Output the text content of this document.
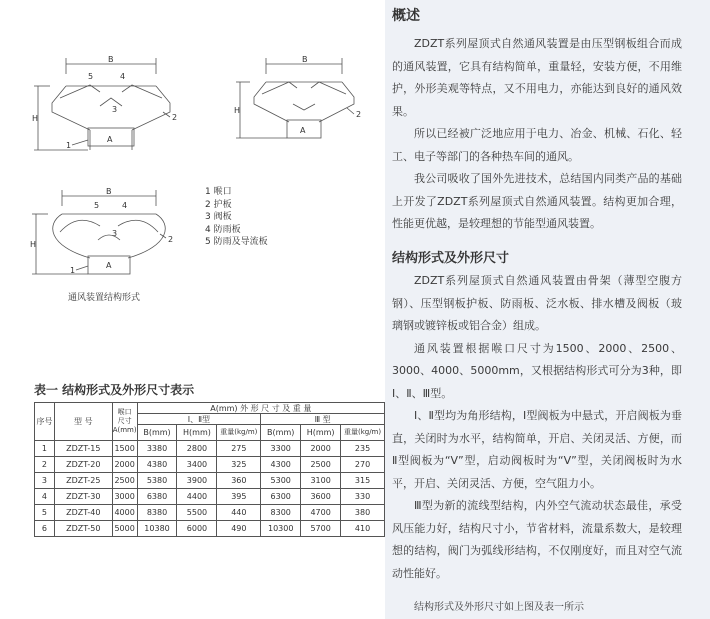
B
H
A
5	4
3
2
1
B
H
A
2
B
H
A
5	4
3
2
1
1 喉口
2 护板
3 阀板
4 防雨板
5 防雨及导流板
通风装置结构形式
表一 结构形式及外形尺寸表示
序号	型 号	喉口
尺寸
A(mm)	A(mm) 外 形 尺 寸 及 重 量					
			Ⅰ、Ⅱ型			Ⅲ 型		
			B(mm)	H(mm)	重量(kg/m)	B(mm)	H(mm)	重量(kg/m)
1	ZDZT-15	1500	3380	2800	275	3300	2000	235
2	ZDZT-20	2000	4380	3400	325	4300	2500	270
3	ZDZT-25	2500	5380	3900	360	5300	3100	315
4	ZDZT-30	3000	6380	4400	395	6300	3600	330
5	ZDZT-40	4000	8380	5500	440	8300	4700	380
6	ZDZT-50	5000	10380	6000	490	10300	5700	410
概述

ZDZT系列屋顶式自然通风装置是由压型钢板组合而成的通风装置，它具有结构简单，重量轻，安装方便，不用维护，外形美观等特点，又不用电力，亦能达到良好的通风效果。

所以已经被广泛地应用于电力、冶金、机械、石化、轻工、电子等部门的各种热车间的通风。

我公司吸收了国外先进技术，总结国内同类产品的基础上开发了ZDZT系列屋顶式自然通风装置。结构更加合理，性能更优越，是较理想的节能型通风装置。

结构形式及外形尺寸

ZDZT系列屋顶式自然通风装置由骨架（薄型空腹方钢）、压型钢板护板、防雨板、泛水板、排水槽及阀板（玻璃钢或镀锌板或铝合金）组成。

通风装置根据喉口尺寸为1500、2000、2500、3000、4000、5000mm，又根据结构形式可分为3种，即Ⅰ、Ⅱ、Ⅲ型。

Ⅰ、Ⅱ型均为角形结构，Ⅰ型阀板为中悬式，开启阀板为垂直，关闭时为水平，结构简单，开启、关闭灵活、方便，而Ⅱ型阀板为“V”型，启动阀板时为“V”型，关闭阀板时为水平，开启、关闭灵活、方便，空气阻力小。

Ⅲ型为新的流线型结构，内外空气流动状态最佳，承受风压能力好，结构尺寸小，节省材料，流量系数大，是较理想的结构，阀门为弧线形结构，不仅刚度好，而且对空气流动性能好。

结构形式及外形尺寸如上图及表一所示
